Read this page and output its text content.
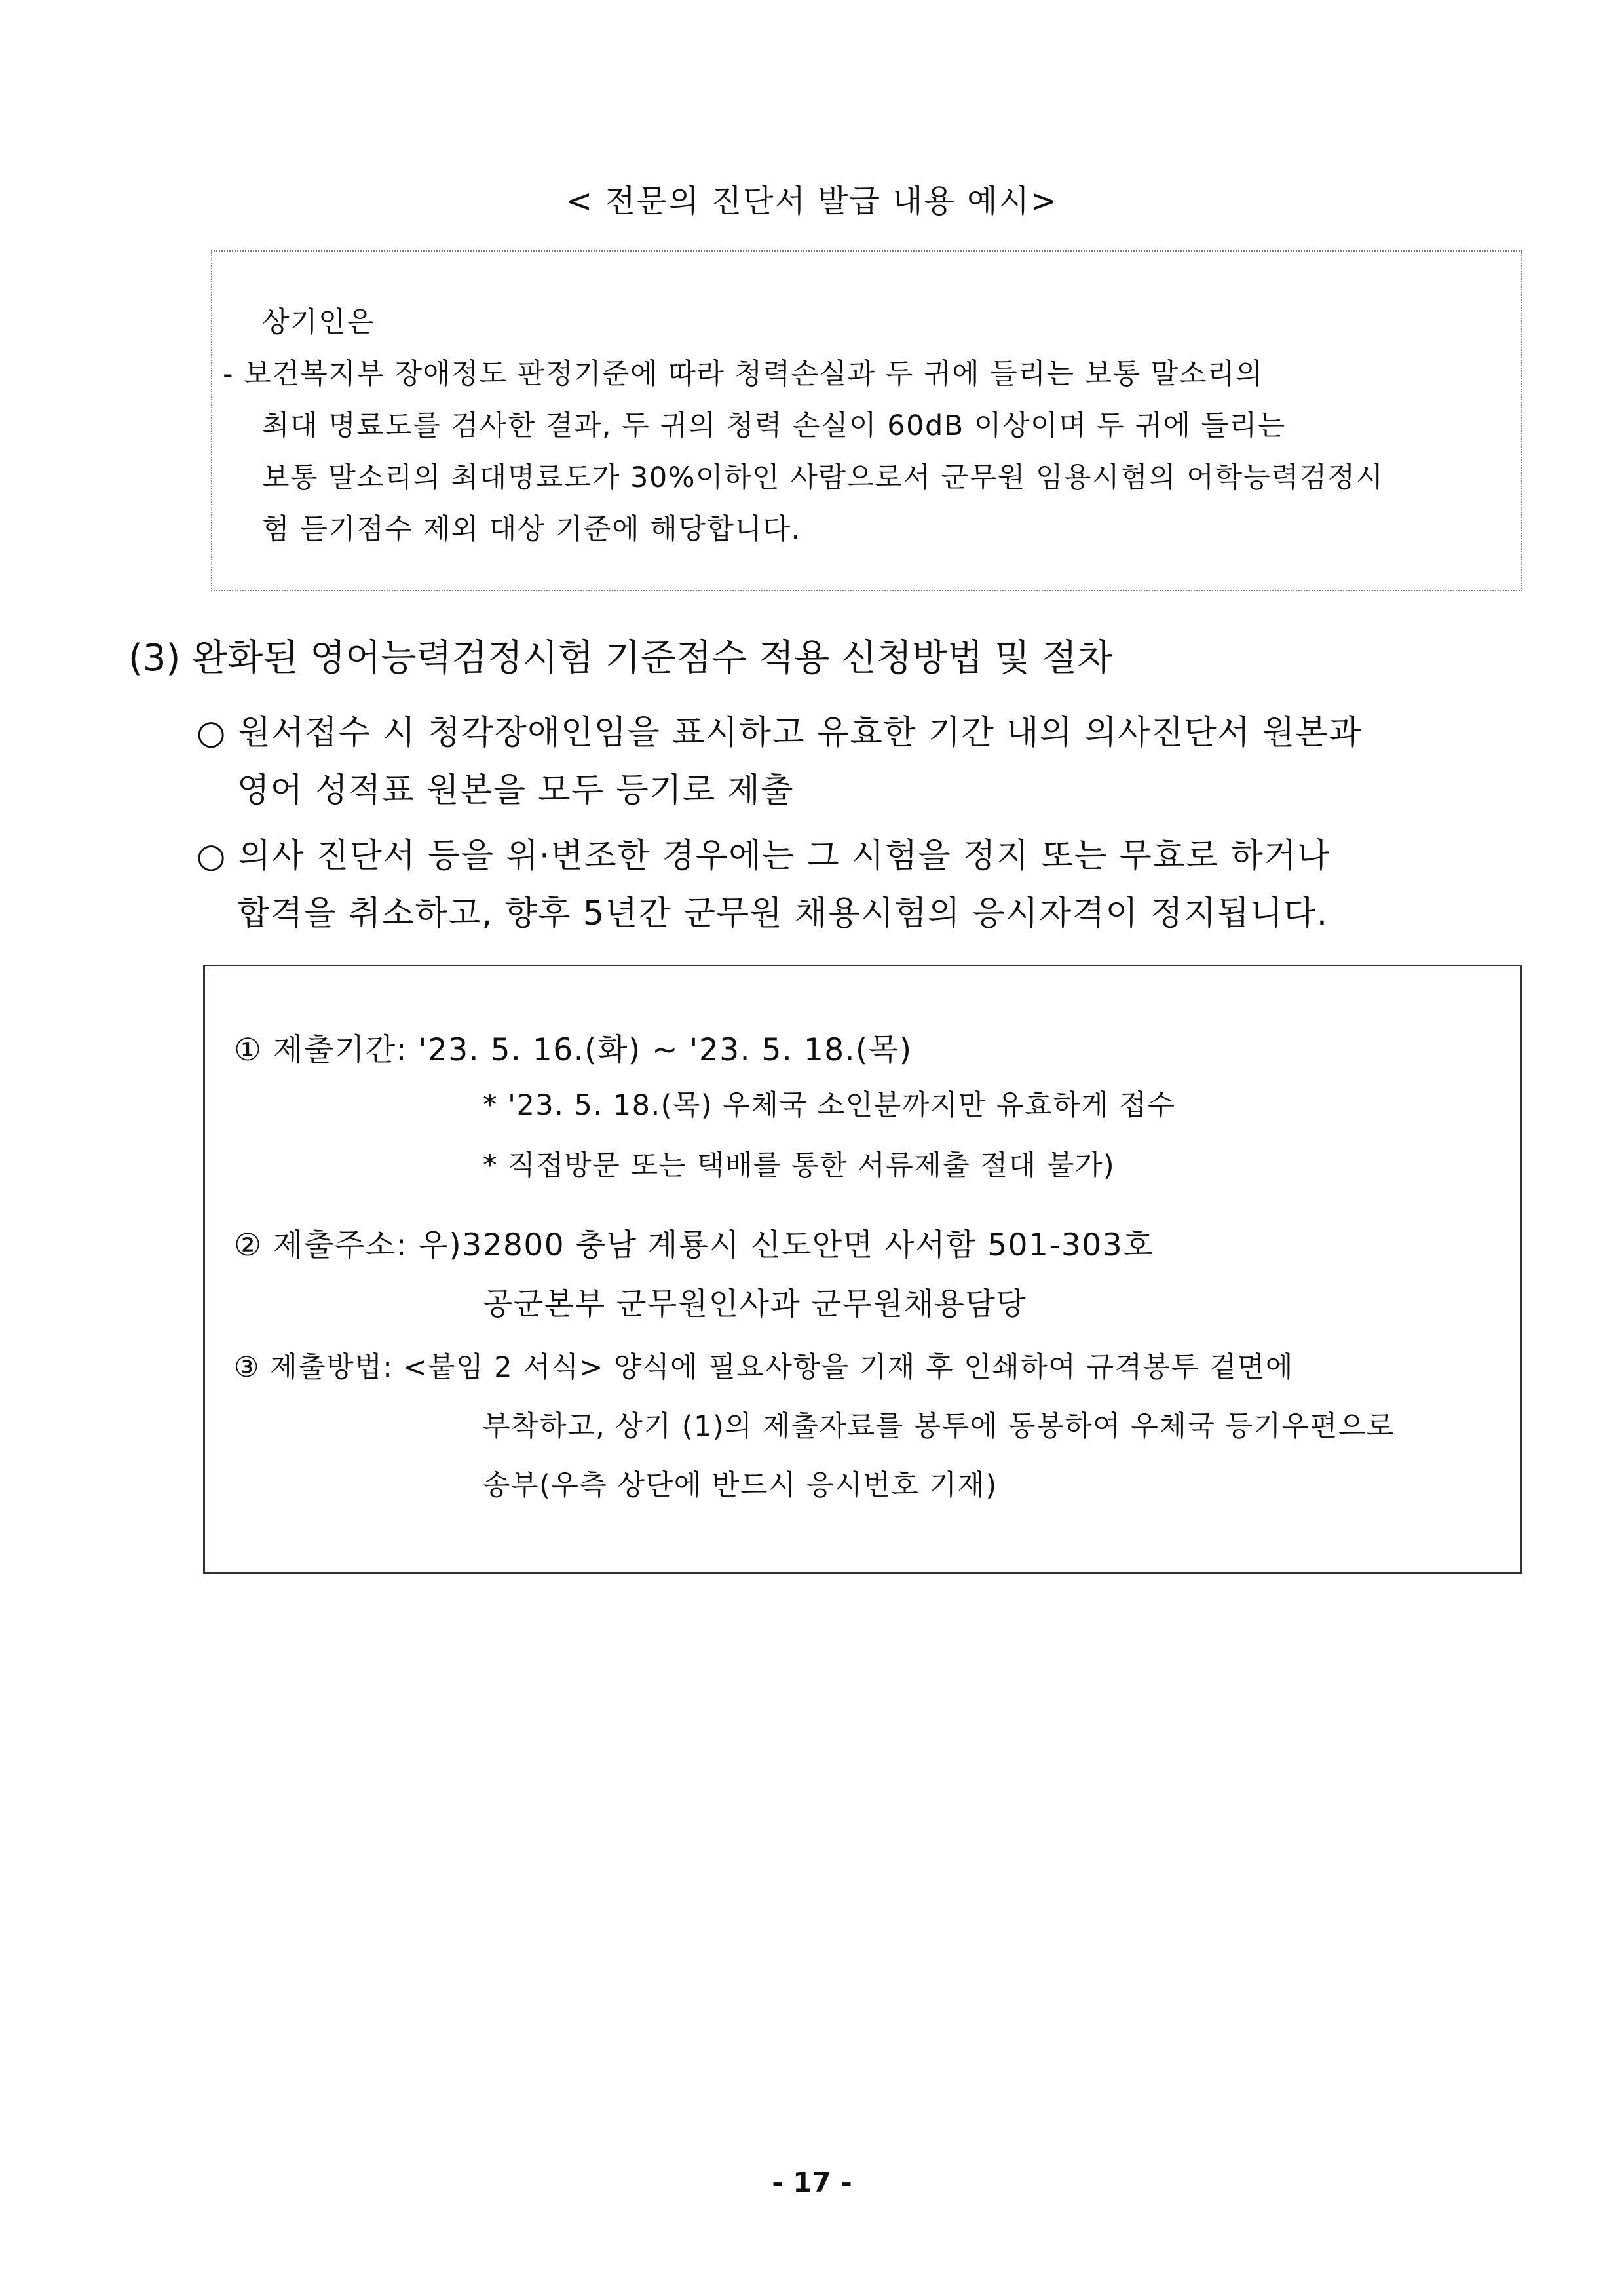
< 전문의 진단서 발급 내용 예시>
상기인은
- 보건복지부 장애정도 판정기준에 따라 청력손실과 두 귀에 들리는 보통 말소리의
최대 명료도를 검사한 결과, 두 귀의 청력 손실이 60dB 이상이며 두 귀에 들리는
보통 말소리의 최대명료도가 30%이하인 사람으로서 군무원 임용시험의 어학능력검정시
험 듣기점수 제외 대상 기준에 해당합니다.
(3) 완화된 영어능력검정시험 기준점수 적용 신청방법 및 절차
○ 원서접수 시 청각장애인임을 표시하고 유효한 기간 내의 의사진단서 원본과
영어 성적표 원본을 모두 등기로 제출
○ 의사 진단서 등을 위·변조한 경우에는 그 시험을 정지 또는 무효로 하거나
합격을 취소하고, 향후 5년간 군무원 채용시험의 응시자격이 정지됩니다.
① 제출기간: '23. 5. 16.(화) ~ '23. 5. 18.(목)
* '23. 5. 18.(목) 우체국 소인분까지만 유효하게 접수
* 직접방문 또는 택배를 통한 서류제출 절대 불가)
② 제출주소: 우)32800 충남 계룡시 신도안면 사서함 501-303호
공군본부 군무원인사과 군무원채용담당
③ 제출방법: <붙임 2 서식> 양식에 필요사항을 기재 후 인쇄하여 규격봉투 겉면에
부착하고, 상기 (1)의 제출자료를 봉투에 동봉하여 우체국 등기우편으로
송부(우측 상단에 반드시 응시번호 기재)
- 17 -
